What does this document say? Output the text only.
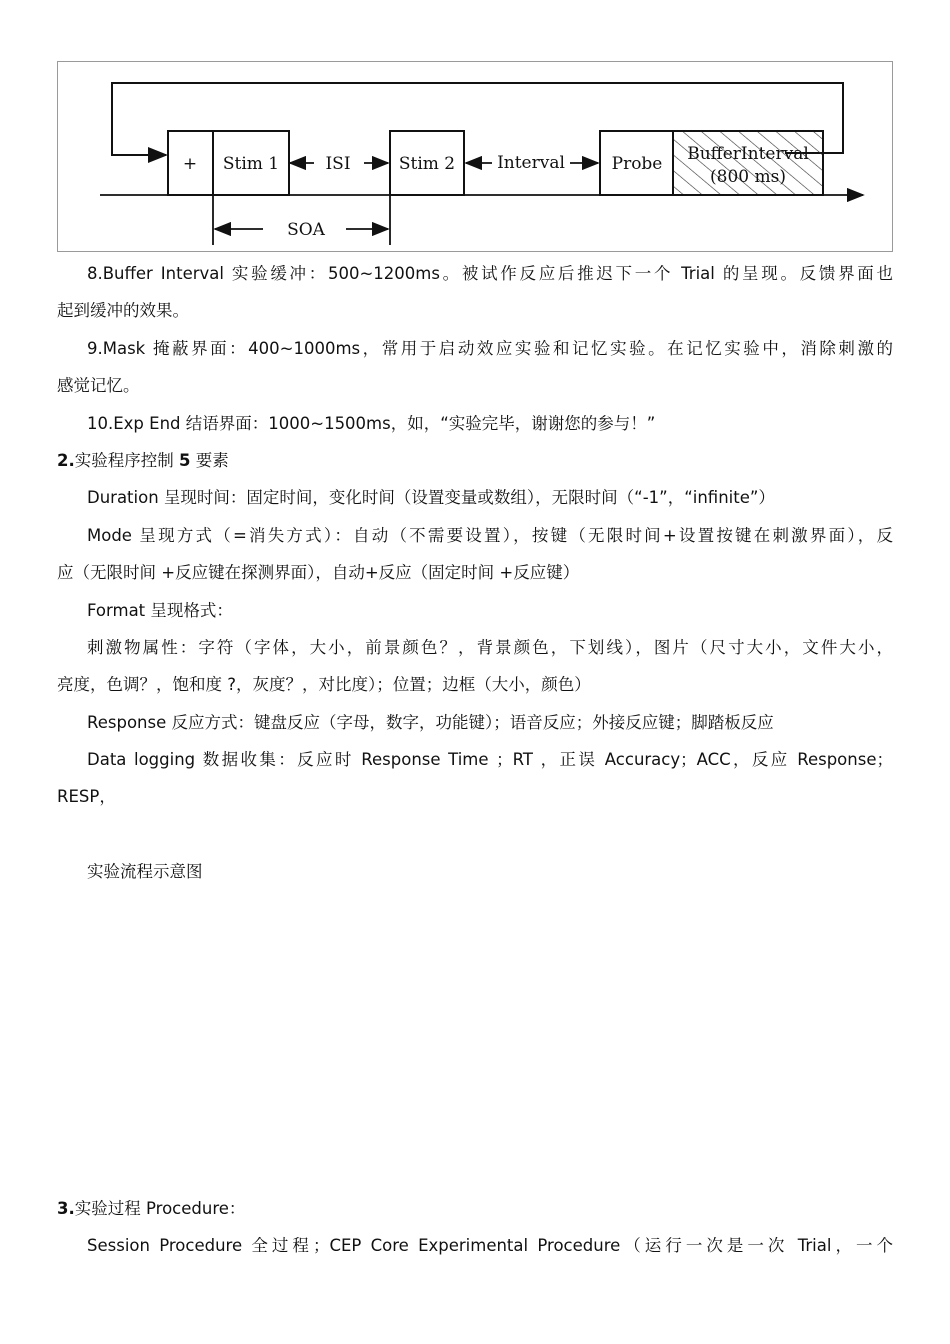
+ Stim 1	Stim 2	Probe BufferInterval
(800 ms)
ISI	Interval
SOA
8.Buffer Interval 实验缓冲：500~1200ms。被试作反应后推迟下一个 Trial 的呈现。反馈界面也
起到缓冲的效果。
9.Mask 掩蔽界面：400~1000ms，常用于启动效应实验和记忆实验。在记忆实验中，消除刺激的
感觉记忆。
10.Exp End 结语界面：1000~1500ms，如，“实验完毕，谢谢您的参与！”
2.实验程序控制 5 要素
Duration 呈现时间：固定时间，变化时间（设置变量或数组），无限时间（“-1”，“infinite”）
Mode 呈现方式（=消失方式）：自动（不需要设置），按键（无限时间+设置按键在刺激界面），反
应（无限时间 +反应键在探测界面），自动+反应（固定时间 +反应键）
Format 呈现格式：
刺激物属性：字符（字体，大小，前景颜色？，背景颜色，下划线），图片（尺寸大小，文件大小，
亮度，色调？，饱和度 ?，灰度？，对比度）；位置；边框（大小，颜色）
Response 反应方式：键盘反应（字母，数字，功能键）；语音反应；外接反应键；脚踏板反应
Data logging 数据收集：反应时 Response Time ；RT ，正误 Accuracy；ACC，反应 Response；
RESP，
实验流程示意图
3.实验过程 Procedure：
Session Procedure 全过程；CEP Core Experimental Procedure（运行一次是一次 Trial，一个
